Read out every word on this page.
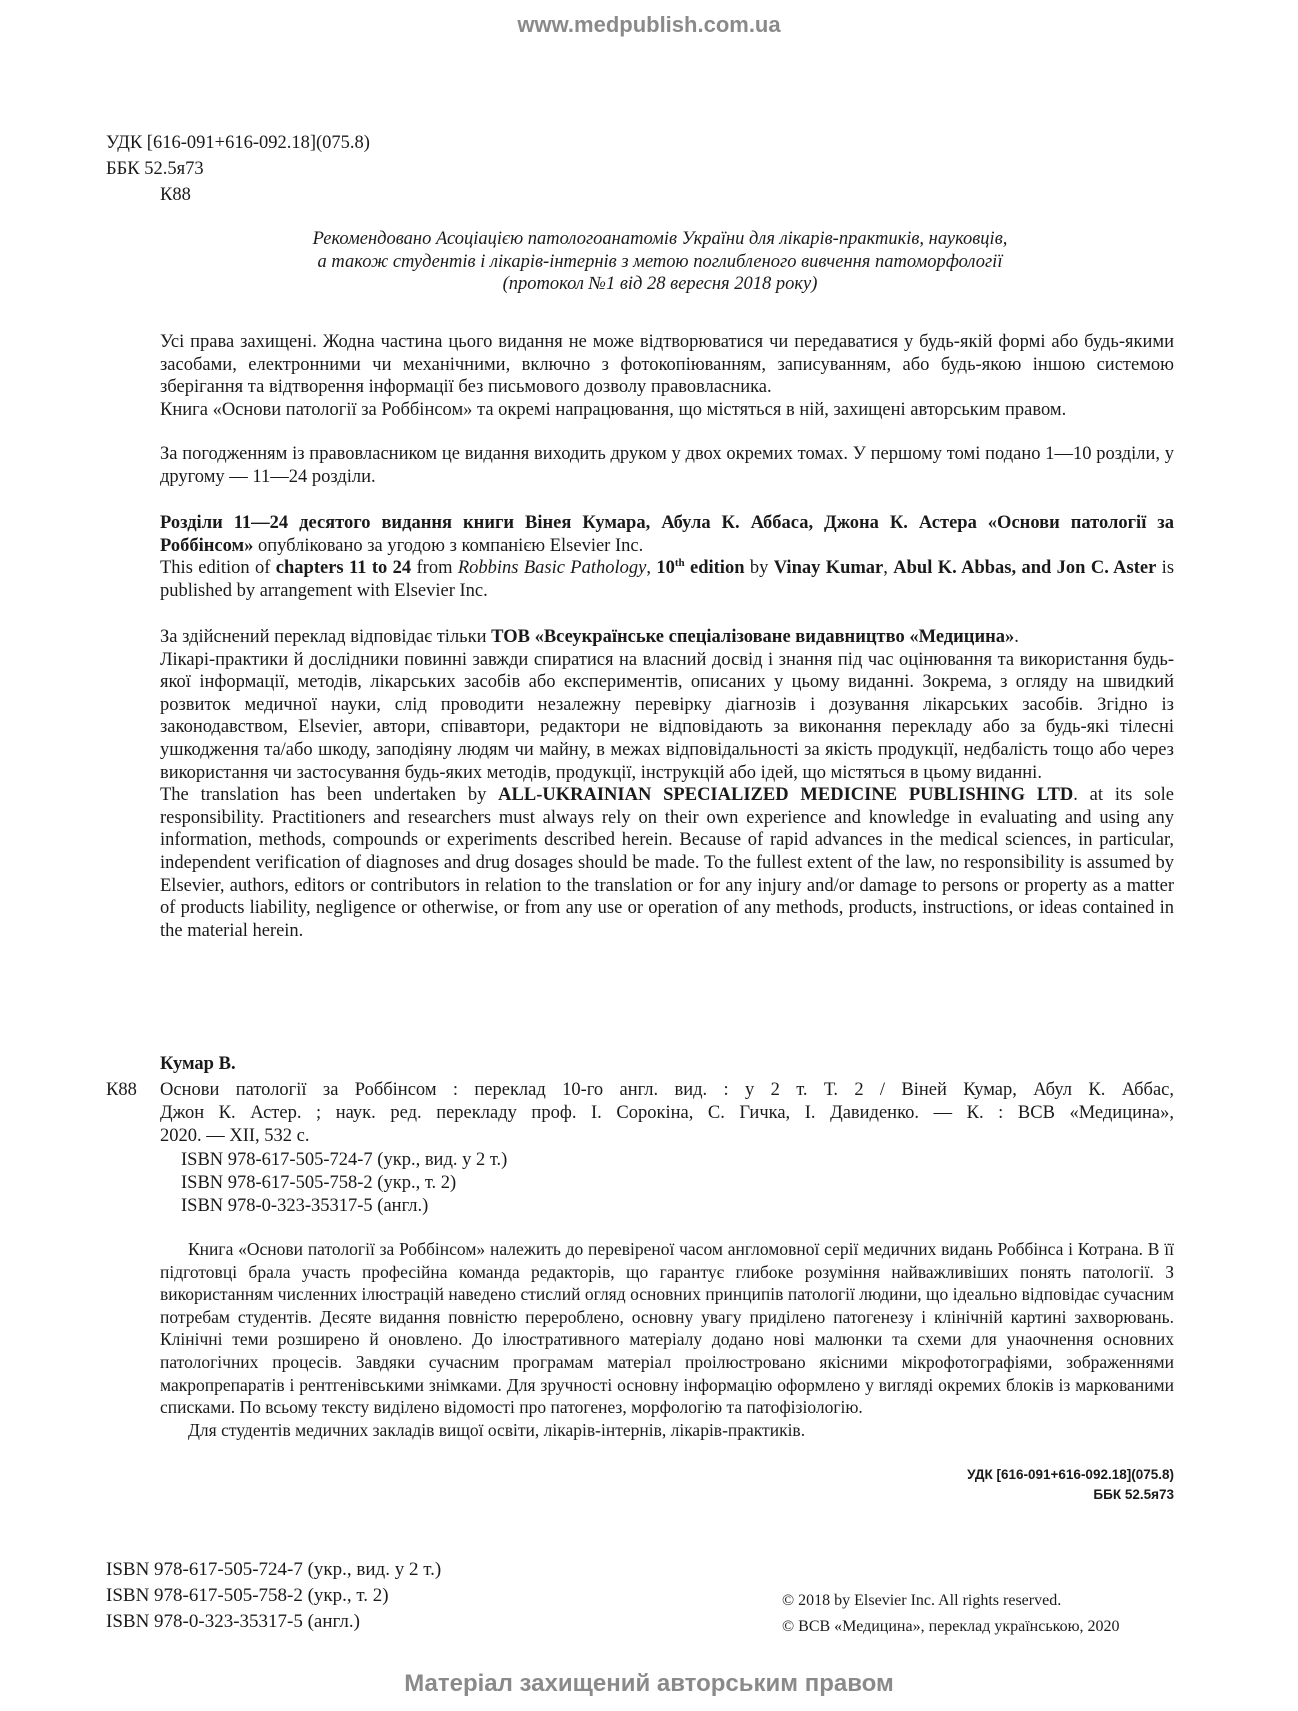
www.medpublish.com.ua
УДК [616-091+616-092.18](075.8)
ББК 52.5я73
К88
Рекомендовано Асоціацією патологоанатомів України для лікарів-практиків, науковців,
а також студентів і лікарів-інтернів з метою поглибленого вивчення патоморфології
(протокол №1 від 28 вересня 2018 року)

Усі права захищені. Жодна частина цього видання не може відтворюватися чи передаватися у будь-якій формі або будь-якими засобами, електронними чи механічними, включно з фотокопіюванням, записуванням, або будь-якою іншою системою зберігання та відтворення інформації без письмового дозволу правовласника.

Книга «Основи патології за Роббінсом» та окремі напрацювання, що містяться в ній, захищені авторським правом.

За погодженням із правовласником це видання виходить друком у двох окремих томах. У першому томі подано 1—10 розділи, у другому — 11—24 розділи.

Розділи 11—24 десятого видання книги Вінея Кумара, Абула К. Аббаса, Джона К. Астера «Основи патології за Роббінсом» опубліковано за угодою з компанією Elsevier Inc.

This edition of chapters 11 to 24 from Robbins Basic Pathology, 10th edition by Vinay Kumar, Abul K. Abbas, and Jon C. Aster is published by arrangement with Elsevier Inc.

За здійснений переклад відповідає тільки ТОВ «Всеукраїнське спеціалізоване видавництво «Медицина».

Лікарі-практики й дослідники повинні завжди спиратися на власний досвід і знання під час оцінювання та використання будь-якої інформації, методів, лікарських засобів або експериментів, описаних у цьому виданні. Зокрема, з огляду на швидкий розвиток медичної науки, слід проводити незалежну перевірку діагнозів і дозування лікарських засобів. Згідно із законодавством, Elsevier, автори, співавтори, редактори не відповідають за виконання перекладу або за будь-які тілесні ушкодження та/або шкоду, заподіяну людям чи майну, в межах відповідальності за якість продукції, недбалість тощо або через використання чи застосування будь-яких методів, продукції, інструкцій або ідей, що містяться в цьому виданні.

The translation has been undertaken by ALL-UKRAINIAN SPECIALIZED MEDICINE PUBLISHING LTD. at its sole responsibility. Practitioners and researchers must always rely on their own experience and knowledge in evaluating and using any information, methods, compounds or experiments described herein. Because of rapid advances in the medical sciences, in particular, independent verification of diagnoses and drug dosages should be made. To the fullest extent of the law, no responsibility is assumed by Elsevier, authors, editors or contributors in relation to the translation or for any injury and/or damage to persons or property as a matter of products liability, negligence or otherwise, or from any use or operation of any methods, products, instructions, or ideas contained in the material herein.

Кумар В.
К88 Основи патології за Роббінсом : переклад 10-го англ. вид. : у 2 т. Т. 2 / Віней Кумар, Абул К. Аббас,
Джон К. Астер. ; наук. ред. перекладу проф. І. Сорокіна, С. Гичка, І. Давиденко. — К. : ВСВ «Медицина»,
2020. — XII, 532 с.
ISBN 978-617-505-724-7 (укр., вид. у 2 т.)
ISBN 978-617-505-758-2 (укр., т. 2)
ISBN 978-0-323-35317-5 (англ.)

Книга «Основи патології за Роббінсом» належить до перевіреної часом англомовної серії медичних видань Роббінса і Котрана. В її підготовці брала участь професійна команда редакторів, що гарантує глибоке розуміння найважливіших понять патології. З використанням численних ілюстрацій наведено стислий огляд основних принципів патології людини, що ідеально відповідає сучасним потребам студентів. Десяте видання повністю перероблено, основну увагу приділено патогенезу і клінічній картині захворювань. Клінічні теми розширено й оновлено. До ілюстративного матеріалу додано нові малюнки та схеми для унаочнення основних патологічних процесів. Завдяки сучасним програмам матеріал проілюстровано якісними мікрофотографіями, зображеннями макропрепаратів і рентгенівськими знімками. Для зручності основну інформацію оформлено у вигляді окремих блоків із маркованими списками. По всьому тексту виділено відомості про патогенез, морфологію та патофізіологію.

Для студентів медичних закладів вищої освіти, лікарів-інтернів, лікарів-практиків.

УДК [616-091+616-092.18](075.8)
ББК 52.5я73
ISBN 978-617-505-724-7 (укр., вид. у 2 т.)
ISBN 978-617-505-758-2 (укр., т. 2)
ISBN 978-0-323-35317-5 (англ.)
© 2018 by Elsevier Inc. All rights reserved.
© ВСВ «Медицина», переклад українською, 2020
Матеріал захищений авторським правом
